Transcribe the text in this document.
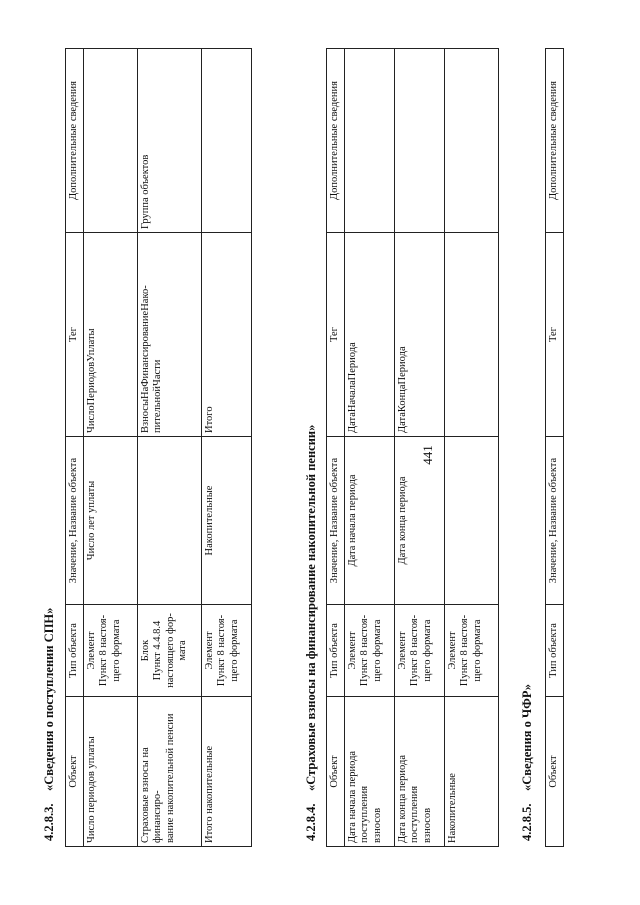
441
4.2.8.3.«Сведения о поступлении СПН» Объект	Тип объекта	Значение, Название объекта	Тег	Дополнительные сведения
Число периодов уплаты	Элемент
Пункт 8 настоя-
щего формата	Число лет уплаты	ЧислоПериодовУплаты	
Страховые взносы на финансиро-
вание накопительной пенсии	Блок
Пункт 4.4.8.4
настоящего фор-
мата		ВзносыНаФинансированиеНако-
пительнойЧасти	Группа объектов
Итого накопительные	Элемент
Пункт 8 настоя-
щего формата	Накопительные	Итого	
4.2.8.4.«Страховые взносы на финансирование накопительной пенсии» Объект	Тип объекта	Значение, Название объекта	Тег	Дополнительные сведения
Дата начала периода поступления
взносов	Элемент
Пункт 8 настоя-
щего формата	Дата начала периода	ДатаНачалаПериода	
Дата конца периода поступления
взносов	Элемент
Пункт 8 настоя-
щего формата	Дата конца периода	ДатаКонцаПериода	
Накопительные	Элемент
Пункт 8 настоя-
щего формата			
4.2.8.5.«Сведения о ЧФР» Объект	Тип объекта	Значение, Название объекта	Тег	Дополнительные сведения
